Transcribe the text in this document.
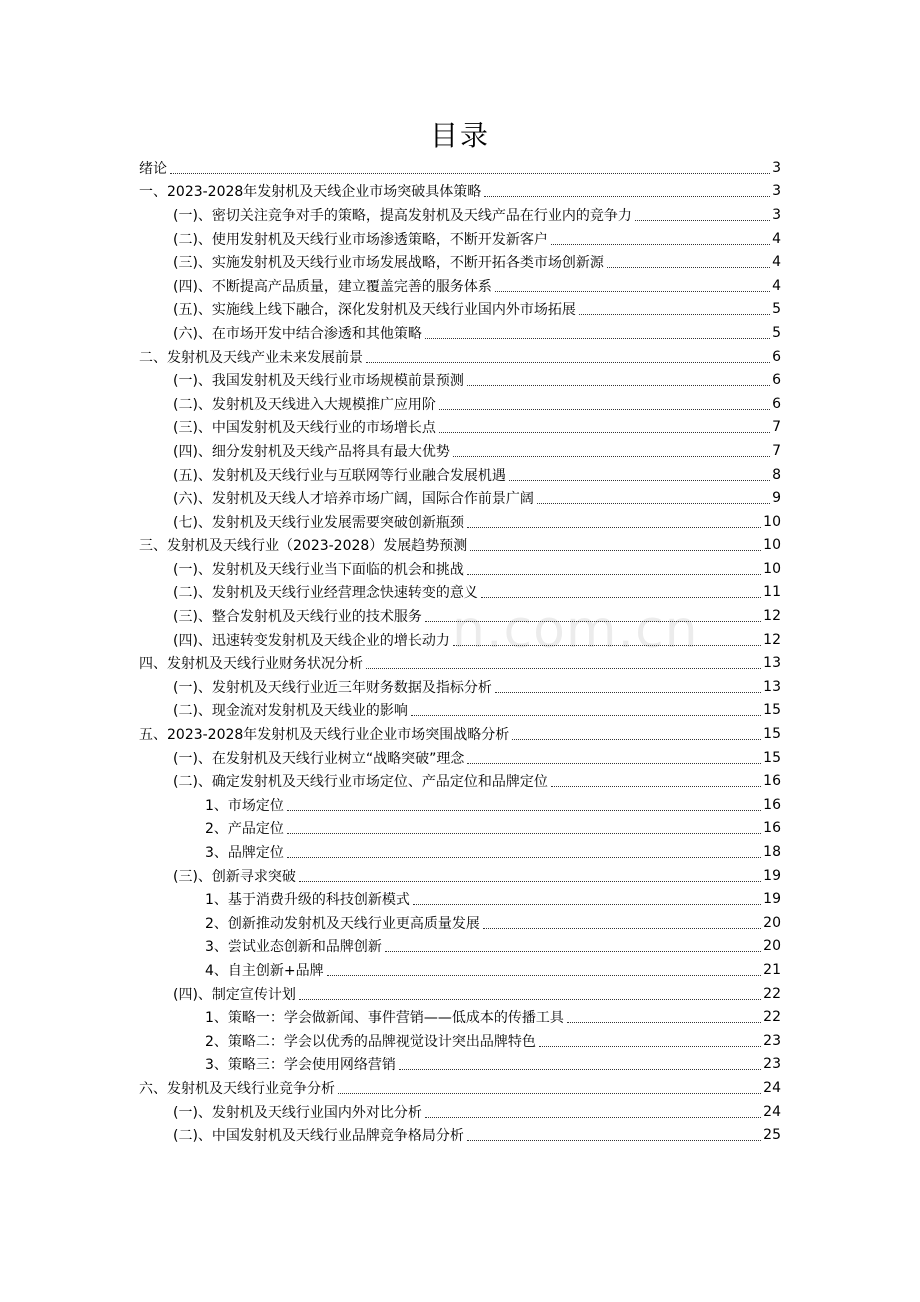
目录
n.com.cn
绪论	3
一、2023-2028年发射机及天线企业市场突破具体策略	3
(一)、密切关注竞争对手的策略，提高发射机及天线产品在行业内的竞争力	3
(二)、使用发射机及天线行业市场渗透策略，不断开发新客户	4
(三)、实施发射机及天线行业市场发展战略，不断开拓各类市场创新源	4
(四)、不断提高产品质量，建立覆盖完善的服务体系	4
(五)、实施线上线下融合，深化发射机及天线行业国内外市场拓展	5
(六)、在市场开发中结合渗透和其他策略	5
二、发射机及天线产业未来发展前景	6
(一)、我国发射机及天线行业市场规模前景预测	6
(二)、发射机及天线进入大规模推广应用阶	6
(三)、中国发射机及天线行业的市场增长点	7
(四)、细分发射机及天线产品将具有最大优势	7
(五)、发射机及天线行业与互联网等行业融合发展机遇	8
(六)、发射机及天线人才培养市场广阔，国际合作前景广阔	9
(七)、发射机及天线行业发展需要突破创新瓶颈	10
三、发射机及天线行业（2023-2028）发展趋势预测	10
(一)、发射机及天线行业当下面临的机会和挑战	10
(二)、发射机及天线行业经营理念快速转变的意义	11
(三)、整合发射机及天线行业的技术服务	12
(四)、迅速转变发射机及天线企业的增长动力	12
四、发射机及天线行业财务状况分析	13
(一)、发射机及天线行业近三年财务数据及指标分析	13
(二)、现金流对发射机及天线业的影响	15
五、2023-2028年发射机及天线行业企业市场突围战略分析	15
(一)、在发射机及天线行业树立“战略突破”理念	15
(二)、确定发射机及天线行业市场定位、产品定位和品牌定位	16
1、市场定位	16
2、产品定位	16
3、品牌定位	18
(三)、创新寻求突破	19
1、基于消费升级的科技创新模式	19
2、创新推动发射机及天线行业更高质量发展	20
3、尝试业态创新和品牌创新	20
4、自主创新+品牌	21
(四)、制定宣传计划	22
1、策略一：学会做新闻、事件营销——低成本的传播工具	22
2、策略二：学会以优秀的品牌视觉设计突出品牌特色	23
3、策略三：学会使用网络营销	23
六、发射机及天线行业竞争分析	24
(一)、发射机及天线行业国内外对比分析	24
(二)、中国发射机及天线行业品牌竞争格局分析	25
